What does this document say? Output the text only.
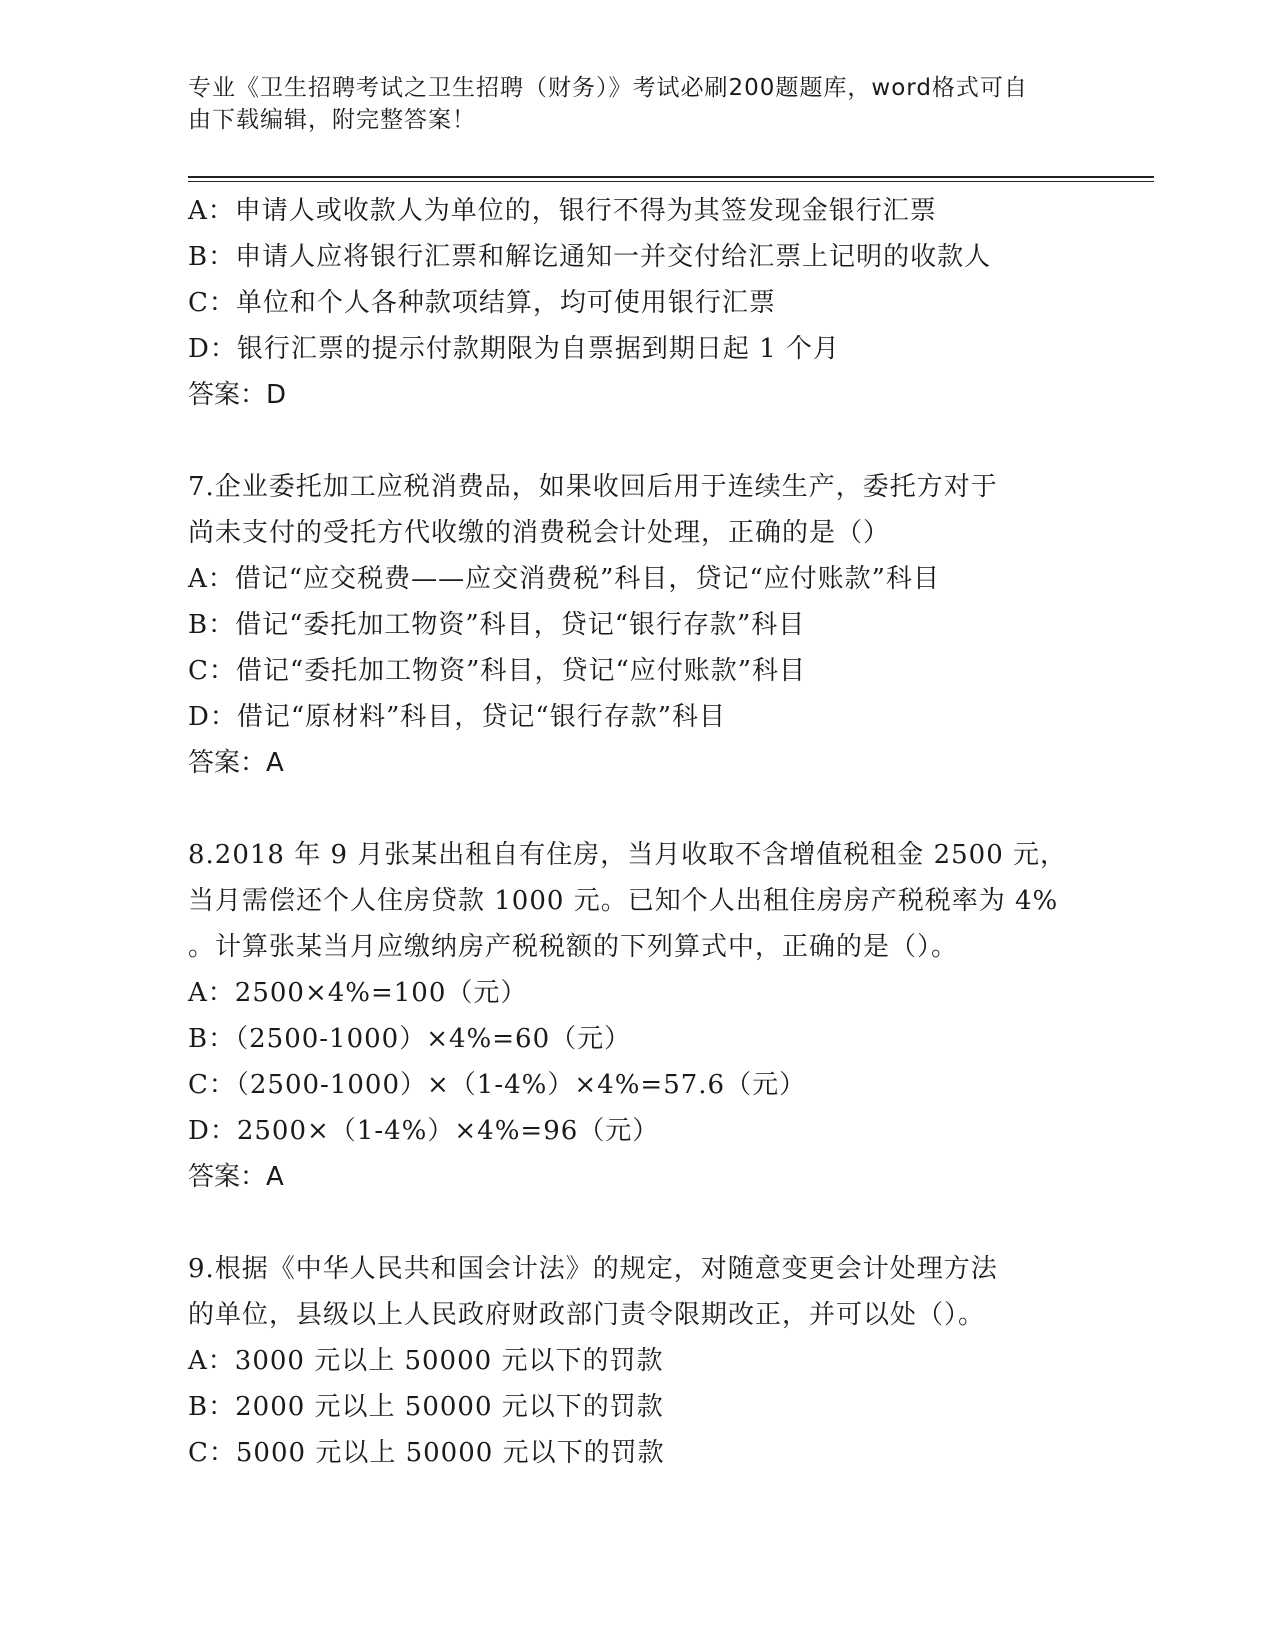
专业《卫生招聘考试之卫生招聘（财务）》考试必刷200题题库，word格式可自
由下载编辑，附完整答案！
A：申请人或收款人为单位的，银行不得为其签发现金银行汇票
B：申请人应将银行汇票和解讫通知一并交付给汇票上记明的收款人
C：单位和个人各种款项结算，均可使用银行汇票
D：银行汇票的提示付款期限为自票据到期日起 1 个月
答案：D
7.企业委托加工应税消费品，如果收回后用于连续生产，委托方对于
尚未支付的受托方代收缴的消费税会计处理，正确的是（）
A：借记“应交税费——应交消费税”科目，贷记“应付账款”科目
B：借记“委托加工物资”科目，贷记“银行存款”科目
C：借记“委托加工物资”科目，贷记“应付账款”科目
D：借记“原材料”科目，贷记“银行存款”科目
答案：A
8.2018 年 9 月张某出租自有住房，当月收取不含增值税租金 2500 元，
当月需偿还个人住房贷款 1000 元。已知个人出租住房房产税税率为 4%
。计算张某当月应缴纳房产税税额的下列算式中，正确的是（）。
A：2500×4%=100（元）
B：（2500-1000）×4%=60（元）
C：（2500-1000）×（1-4%）×4%=57.6（元）
D：2500×（1-4%）×4%=96（元）
答案：A
9.根据《中华人民共和国会计法》的规定，对随意变更会计处理方法
的单位，县级以上人民政府财政部门责令限期改正，并可以处（）。
A：3000 元以上 50000 元以下的罚款
B：2000 元以上 50000 元以下的罚款
C：5000 元以上 50000 元以下的罚款
